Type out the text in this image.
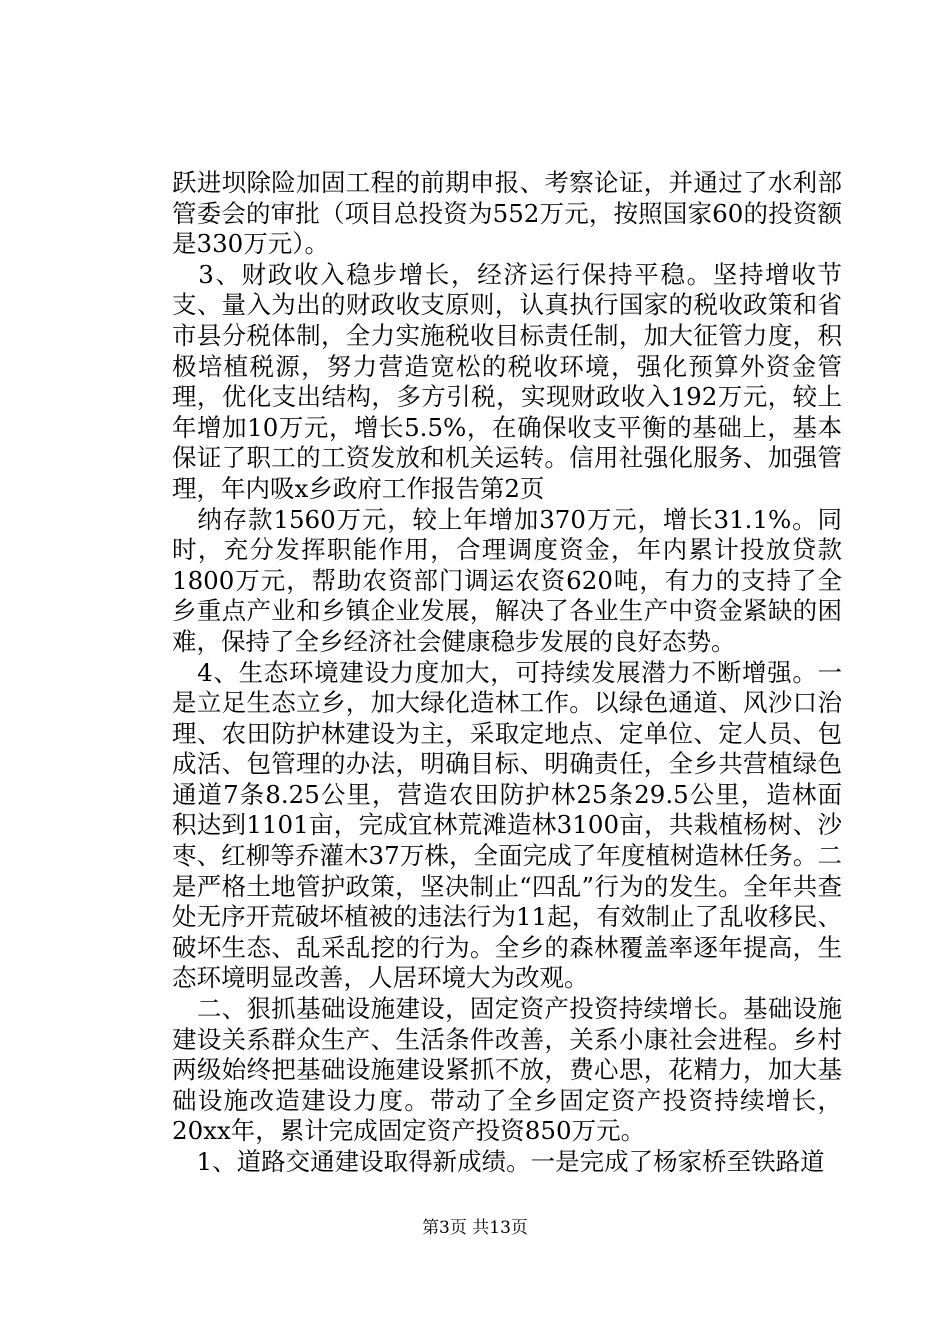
跃进坝除险加固工程的前期申报、考察论证，并通过了水利部管委会的审批（项目总投资为552万元，按照国家60的投资额是330万元）。

　3、财政收入稳步增长，经济运行保持平稳。坚持增收节支、量入为出的财政收支原则，认真执行国家的税收政策和省市县分税体制，全力实施税收目标责任制，加大征管力度，积极培植税源，努力营造宽松的税收环境，强化预算外资金管理，优化支出结构，多方引税，实现财政收入192万元，较上年增加10万元，增长5.5%，在确保收支平衡的基础上，基本保证了职工的工资发放和机关运转。信用社强化服务、加强管理，年内吸x乡政府工作报告第2页

　纳存款1560万元，较上年增加370万元，增长31.1%。同时，充分发挥职能作用，合理调度资金，年内累计投放贷款1800万元，帮助农资部门调运农资620吨，有力的支持了全乡重点产业和乡镇企业发展，解决了各业生产中资金紧缺的困难，保持了全乡经济社会健康稳步发展的良好态势。

　4、生态环境建设力度加大，可持续发展潜力不断增强。一是立足生态立乡，加大绿化造林工作。以绿色通道、风沙口治理、农田防护林建设为主，采取定地点、定单位、定人员、包成活、包管理的办法，明确目标、明确责任，全乡共营植绿色通道7条8.25公里，营造农田防护林25条29.5公里，造林面积达到1101亩，完成宜林荒滩造林3100亩，共栽植杨树、沙枣、红柳等乔灌木37万株，全面完成了年度植树造林任务。二是严格土地管护政策，坚决制止“四乱”行为的发生。全年共查处无序开荒破坏植被的违法行为11起，有效制止了乱收移民、破坏生态、乱采乱挖的行为。全乡的森林覆盖率逐年提高，生态环境明显改善，人居环境大为改观。

　二、狠抓基础设施建设，固定资产投资持续增长。基础设施建设关系群众生产、生活条件改善，关系小康社会进程。乡村两级始终把基础设施建设紧抓不放，费心思，花精力，加大基础设施改造建设力度。带动了全乡固定资产投资持续增长，20xx年，累计完成固定资产投资850万元。

　1、道路交通建设取得新成绩。一是完成了杨家桥至铁路道

第3页 共13页
